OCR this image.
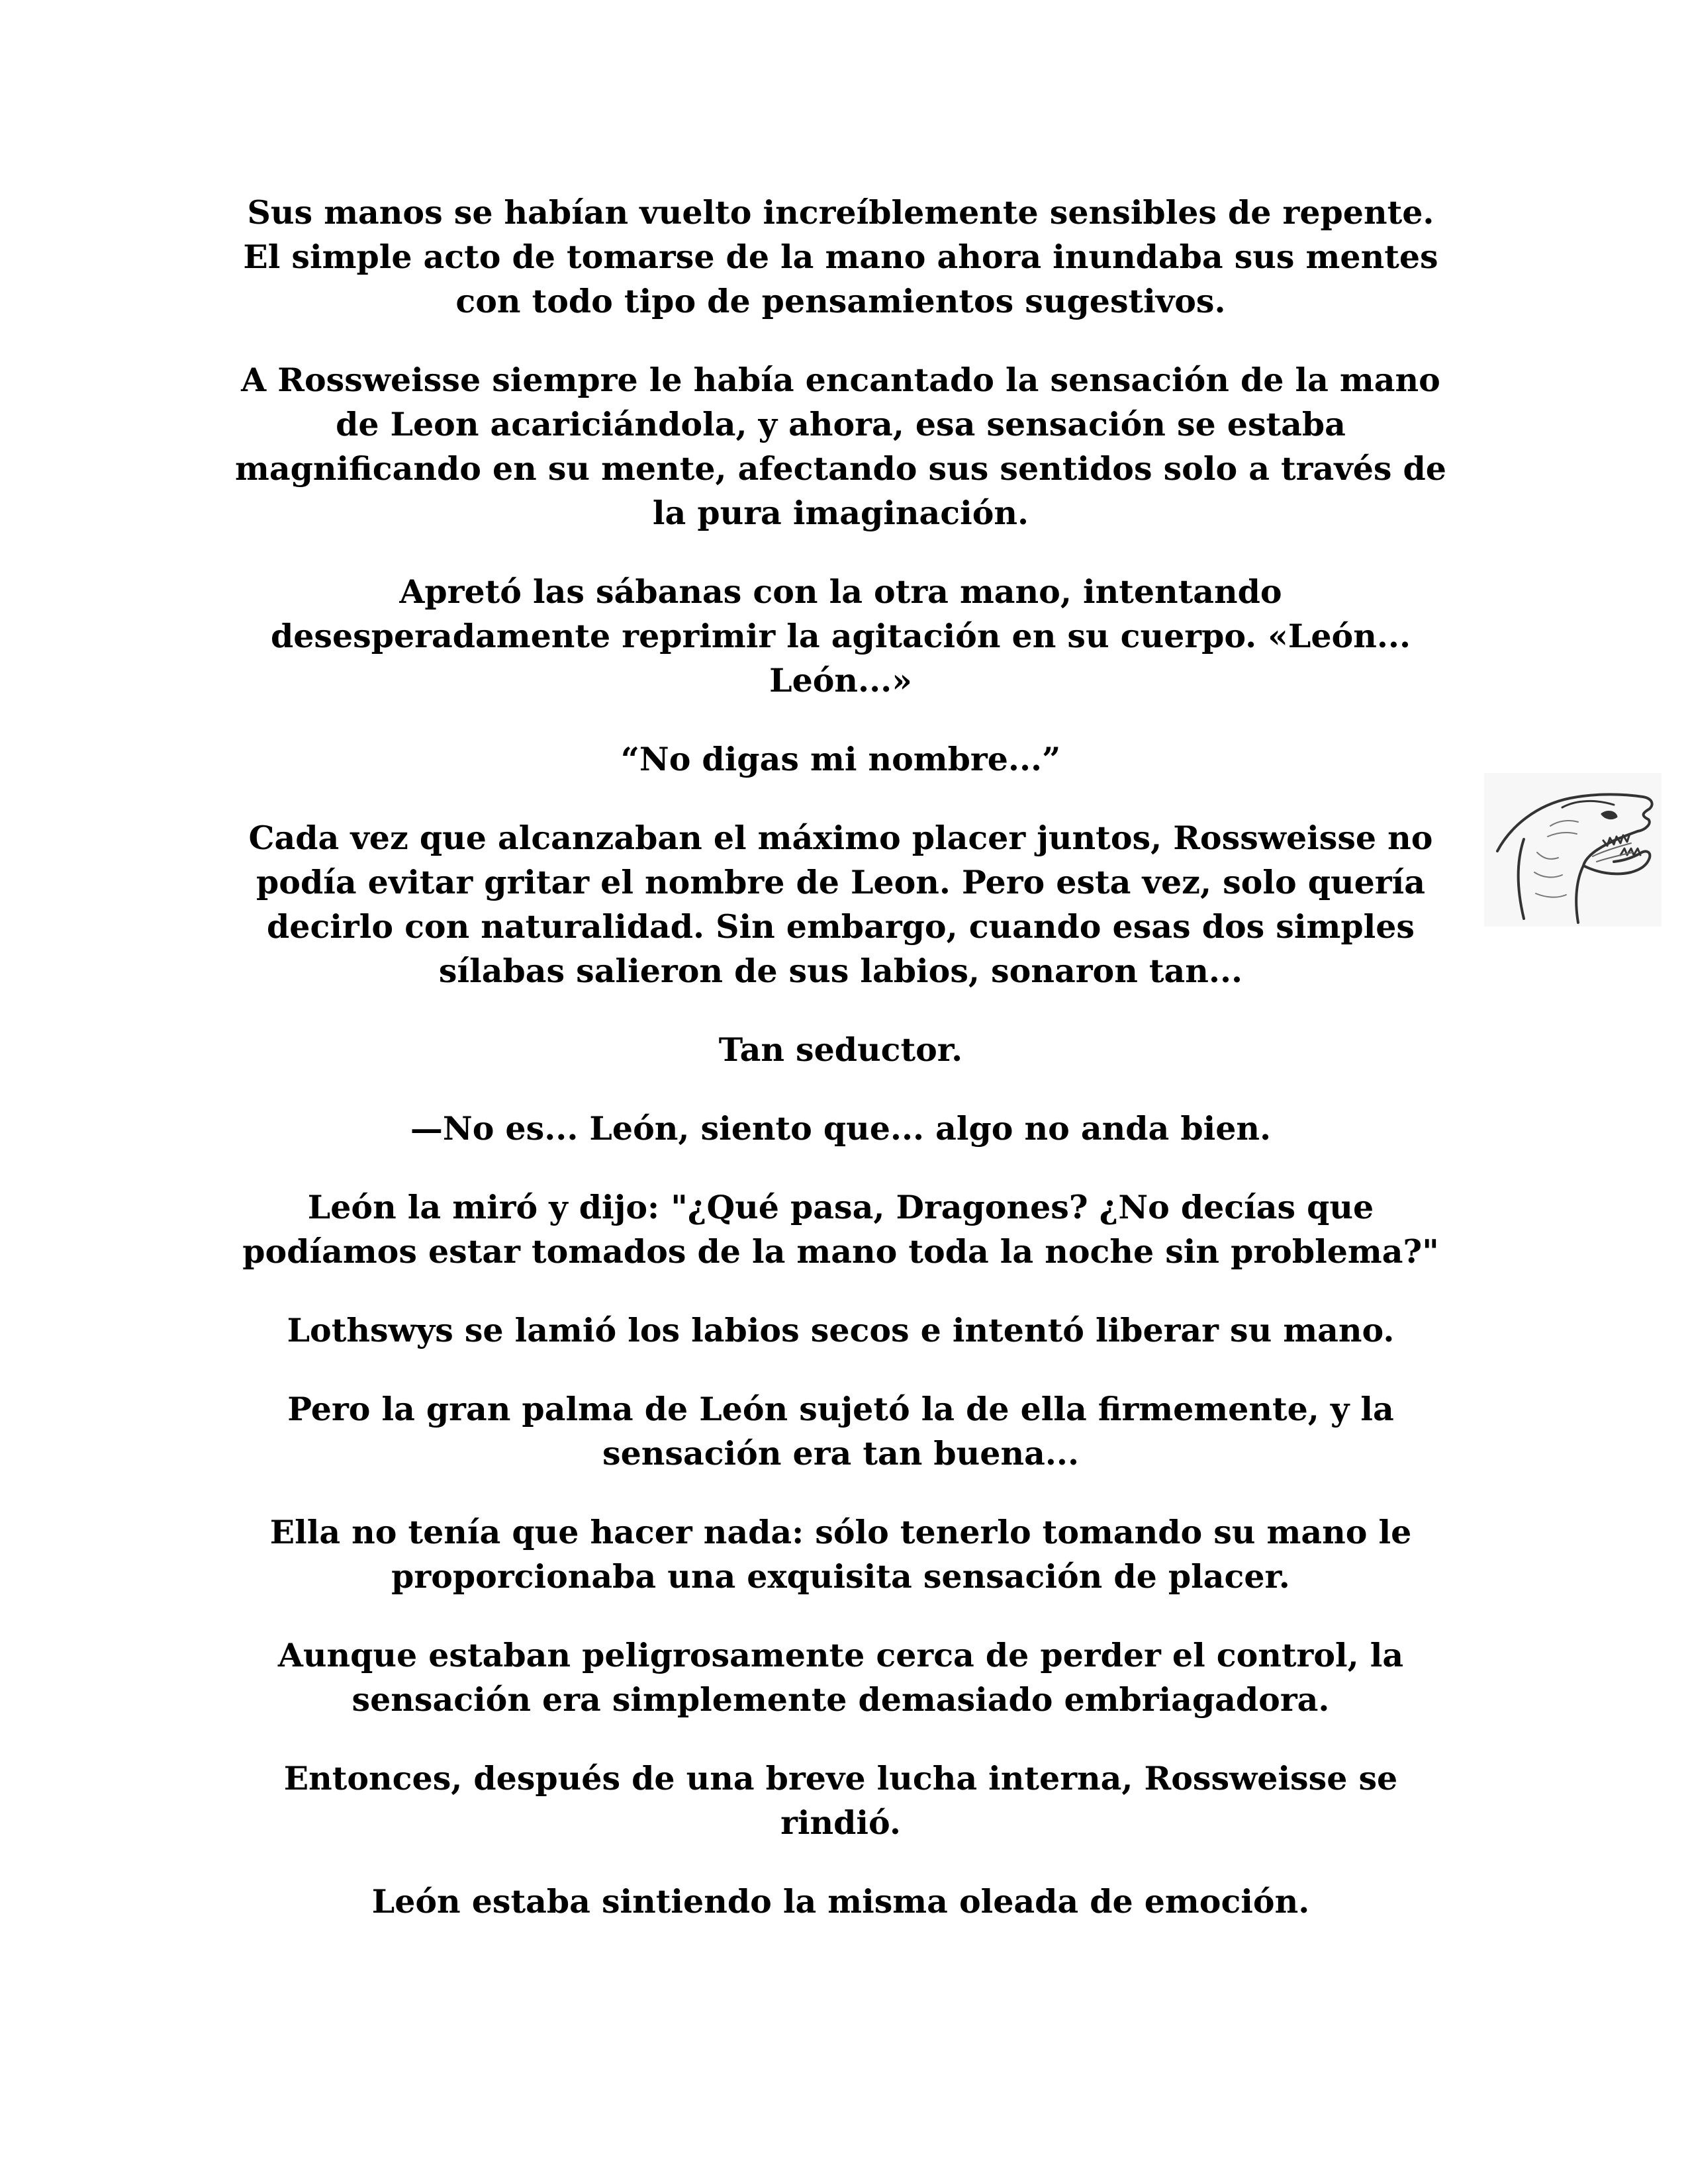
Sus manos se habían vuelto increíblemente sensibles de repente. El simple acto de tomarse de la mano ahora inundaba sus mentes con todo tipo de pensamientos sugestivos.

A Rossweisse siempre le había encantado la sensación de la mano de Leon acariciándola, y ahora, esa sensación se estaba magnificando en su mente, afectando sus sentidos solo a través de la pura imaginación.

Apretó las sábanas con la otra mano, intentando desesperadamente reprimir la agitación en su cuerpo. «León... León...»

“No digas mi nombre...”

Cada vez que alcanzaban el máximo placer juntos, Rossweisse no podía evitar gritar el nombre de Leon. Pero esta vez, solo quería decirlo con naturalidad. Sin embargo, cuando esas dos simples sílabas salieron de sus labios, sonaron tan...

Tan seductor.

—No es... León, siento que... algo no anda bien.

León la miró y dijo: "¿Qué pasa, Dragones? ¿No decías que podíamos estar tomados de la mano toda la noche sin problema?"

Lothswys se lamió los labios secos e intentó liberar su mano.

Pero la gran palma de León sujetó la de ella firmemente, y la sensación era tan buena...

Ella no tenía que hacer nada: sólo tenerlo tomando su mano le proporcionaba una exquisita sensación de placer.

Aunque estaban peligrosamente cerca de perder el control, la sensación era simplemente demasiado embriagadora.

Entonces, después de una breve lucha interna, Rossweisse se rindió.

León estaba sintiendo la misma oleada de emoción.
